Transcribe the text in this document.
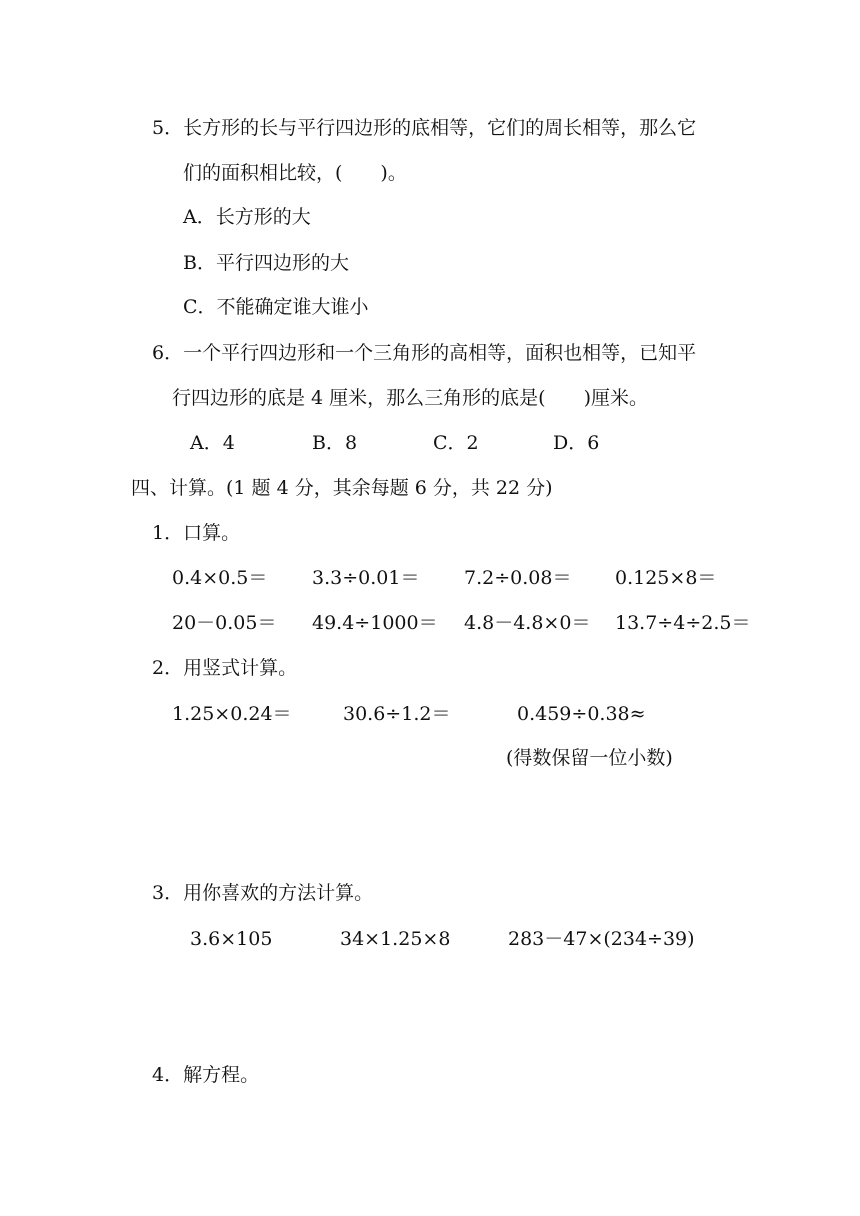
5．长方形的长与平行四边形的底相等，它们的周长相等，那么它
们的面积相比较，(　　)。
A．长方形的大
B．平行四边形的大
C．不能确定谁大谁小
6．一个平行四边形和一个三角形的高相等，面积也相等，已知平
行四边形的底是 4 厘米，那么三角形的底是(　　)厘米。
A．4	B．8	C．2	D．6
四、计算。(1 题 4 分，其余每题 6 分，共 22 分)
1．口算。
0.4×0.5＝ 3.3÷0.01＝ 7.2÷0.08＝ 0.125×8＝
20－0.05＝ 49.4÷1000＝ 4.8－4.8×0＝ 13.7÷4÷2.5＝
2．用竖式计算。
1.25×0.24＝	30.6÷1.2＝	0.459÷0.38≈
(得数保留一位小数)
3．用你喜欢的方法计算。
3.6×105	34×1.25×8	283－47×(234÷39)
4．解方程。
